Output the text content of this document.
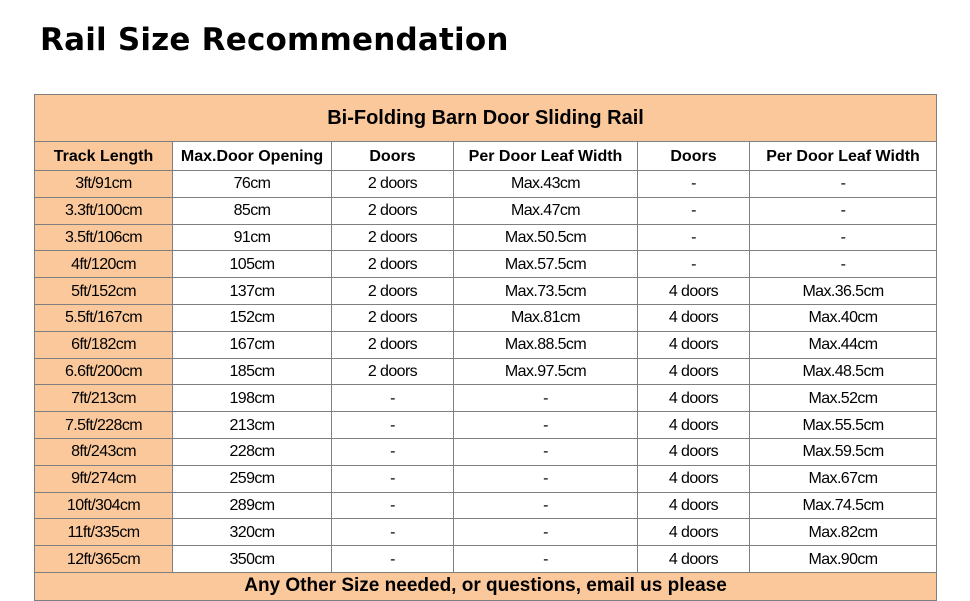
Rail Size Recommendation
Bi-Folding Barn Door Sliding Rail					
Track Length	Max.Door Opening	Doors	Per Door Leaf Width	Doors	Per Door Leaf Width
3ft/91cm	76cm	2 doors	Max.43cm	-	-
3.3ft/100cm	85cm	2 doors	Max.47cm	-	-
3.5ft/106cm	91cm	2 doors	Max.50.5cm	-	-
4ft/120cm	105cm	2 doors	Max.57.5cm	-	-
5ft/152cm	137cm	2 doors	Max.73.5cm	4 doors	Max.36.5cm
5.5ft/167cm	152cm	2 doors	Max.81cm	4 doors	Max.40cm
6ft/182cm	167cm	2 doors	Max.88.5cm	4 doors	Max.44cm
6.6ft/200cm	185cm	2 doors	Max.97.5cm	4 doors	Max.48.5cm
7ft/213cm	198cm	-	-	4 doors	Max.52cm
7.5ft/228cm	213cm	-	-	4 doors	Max.55.5cm
8ft/243cm	228cm	-	-	4 doors	Max.59.5cm
9ft/274cm	259cm	-	-	4 doors	Max.67cm
10ft/304cm	289cm	-	-	4 doors	Max.74.5cm
11ft/335cm	320cm	-	-	4 doors	Max.82cm
12ft/365cm	350cm	-	-	4 doors	Max.90cm
Any Other Size needed, or questions, email us please					
